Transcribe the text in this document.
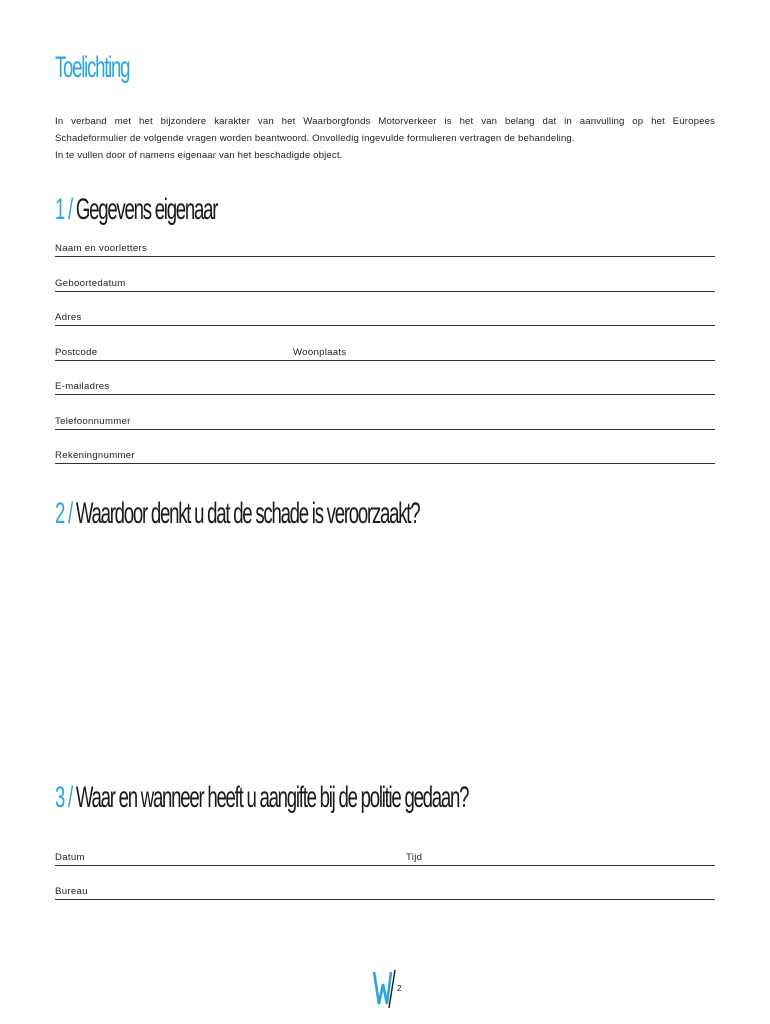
Toelichting

In verband met het bijzondere karakter van het Waarborgfonds Motorverkeer is het van belang dat in aanvulling op het Europees

Schadeformulier de volgende vragen worden beantwoord. Onvolledig ingevulde formulieren vertragen de behandeling.

In te vullen door of namens eigenaar van het beschadigde object.

1 / Gegevens eigenaar
Naam en voorletters
Geboortedatum
Adres
Postcode	Woonplaats
E-mailadres
Telefoonnummer
Rekeningnummer
2 / Waardoor denkt u dat de schade is veroorzaakt?
3 / Waar en wanneer heeft u aangifte bij de politie gedaan?
Datum	Tijd
Bureau
2
